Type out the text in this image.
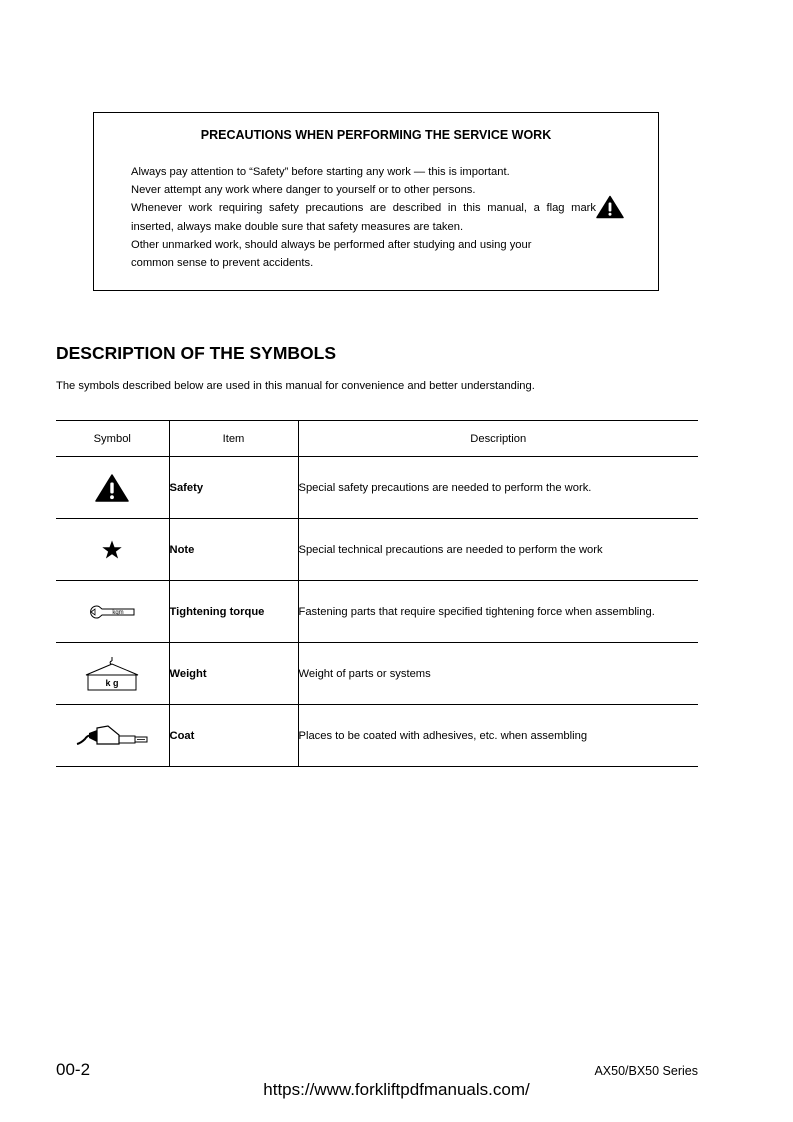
PRECAUTIONS WHEN PERFORMING THE SERVICE WORK
Always pay attention to “Safety” before starting any work — this is important.
Never attempt any work where danger to yourself or to other persons.
Whenever work requiring safety precautions are described in this manual, a flag mark
inserted, always make double sure that safety measures are taken.
Other unmarked work, should always be performed after studying and using your
common sense to prevent accidents.
DESCRIPTION OF THE SYMBOLS
The symbols described below are used in this manual for convenience and better understanding.
Symbol	Item	Description

	Safety	Special safety precautions are needed to perform the work.

	Note	Special technical precautions are needed to perform the work

kgm	Tightening torque	Fastening parts that require specified tightening force when assembling.

k g	Weight	Weight of parts or systems

	Coat	Places to be coated with adhesives, etc. when assembling
00-2	AX50/BX50 Series
https://www.forkliftpdfmanuals.com/
